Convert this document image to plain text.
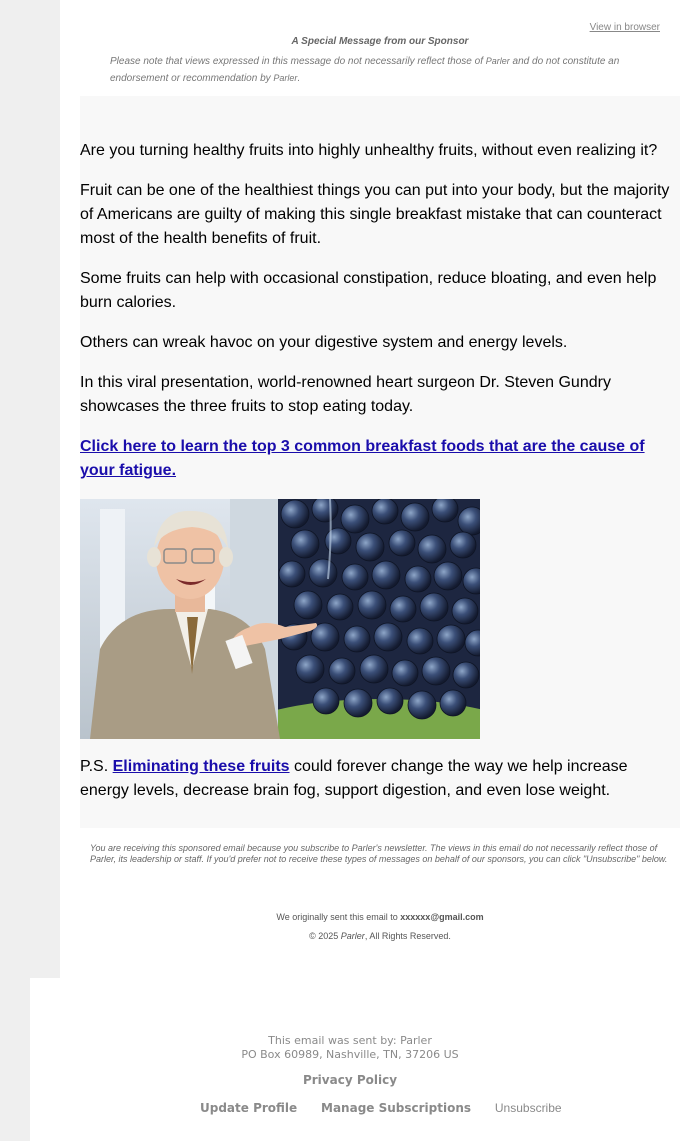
View in browser
A Special Message from our Sponsor
Please note that views expressed in this message do not necessarily reflect those of Parler and do not constitute an endorsement or recommendation by Parler.

Are you turning healthy fruits into highly unhealthy fruits, without even realizing it?

Fruit can be one of the healthiest things you can put into your body, but the majority of Americans are guilty of making this single breakfast mistake that can counteract most of the health benefits of fruit.

Some fruits can help with occasional constipation, reduce bloating, and even help burn calories.

Others can wreak havoc on your digestive system and energy levels.

In this viral presentation, world-renowned heart surgeon Dr. Steven Gundry showcases the three fruits to stop eating today.

Click here to learn the top 3 common breakfast foods that are the cause of your fatigue.

P.S. Eliminating these fruits could forever change the way we help increase energy levels, decrease brain fog, support digestion, and even lose weight.

You are receiving this sponsored email because you subscribe to Parler's newsletter. The views in this email do not necessarily reflect those of Parler, its leadership or staff. If you'd prefer not to receive these types of messages on behalf of our sponsors, you can click "Unsubscribe" below.
We originally sent this email to xxxxxx@gmail.com
© 2025 Parler, All Rights Reserved.
This email was sent by: Parler
PO Box 60989, Nashville, TN, 37206 US
Privacy Policy
Update Profile Manage Subscriptions Unsubscribe
